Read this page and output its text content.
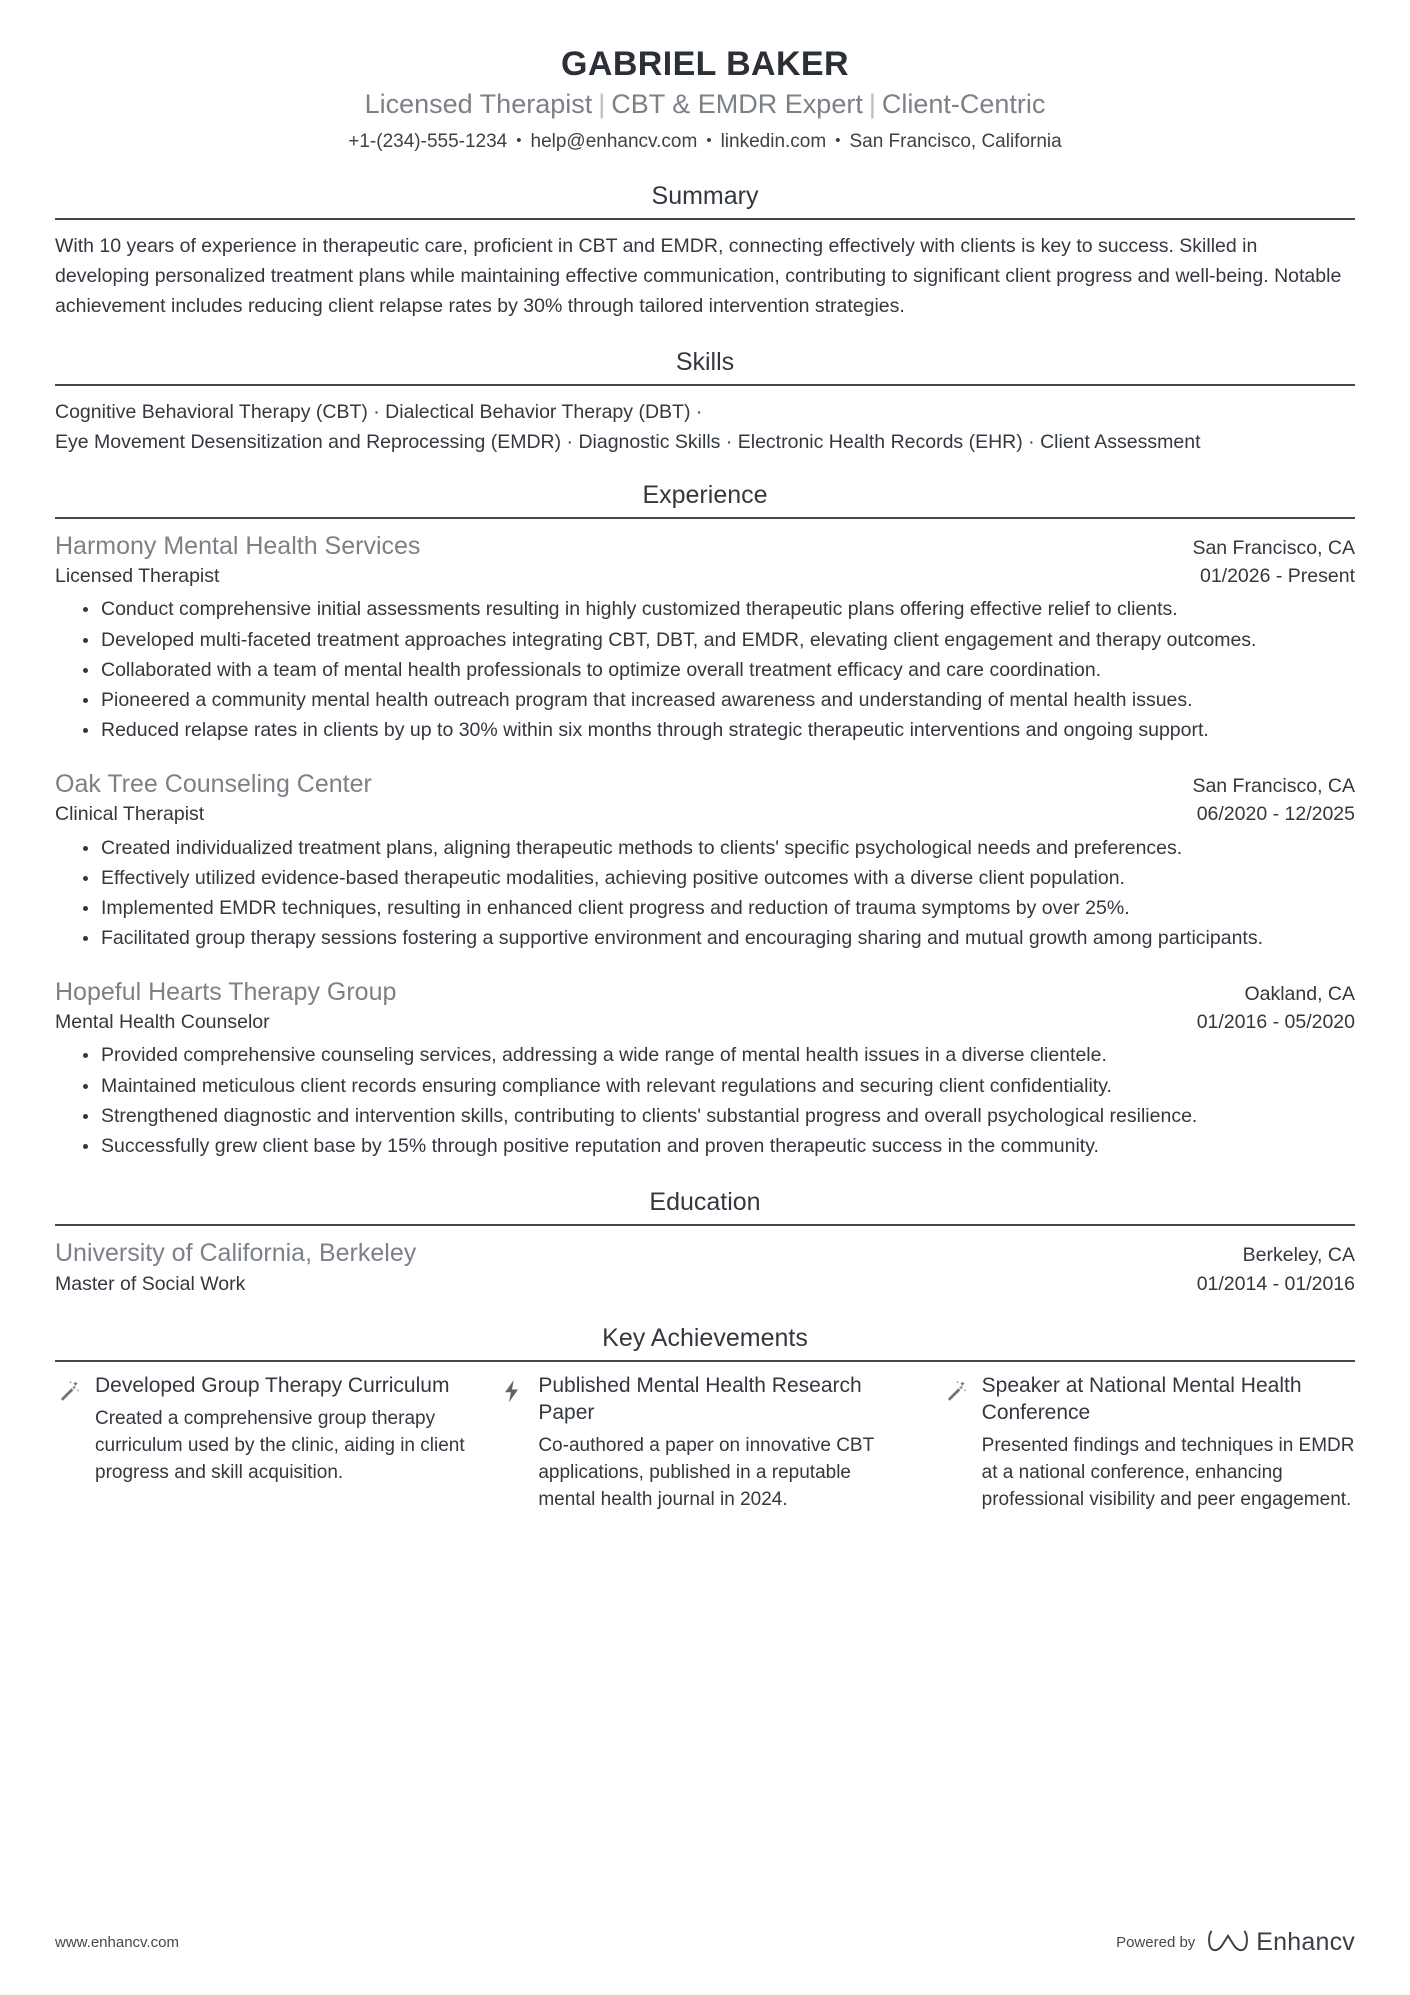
GABRIEL BAKER
Licensed Therapist | CBT & EMDR Expert | Client-Centric
+1-(234)-555-1234 • help@enhancv.com • linkedin.com • San Francisco, California
Summary

With 10 years of experience in therapeutic care, proficient in CBT and EMDR, connecting effectively with clients is key to success. Skilled in developing personalized treatment plans while maintaining effective communication, contributing to significant client progress and well-being. Notable achievement includes reducing client relapse rates by 30% through tailored intervention strategies.

Skills
Cognitive Behavioral Therapy (CBT) · Dialectical Behavior Therapy (DBT) ·
Eye Movement Desensitization and Reprocessing (EMDR) · Diagnostic Skills · Electronic Health Records (EHR) · Client Assessment
Experience
Harmony Mental Health Services	San Francisco, CA
Licensed Therapist	01/2026 - Present
Conduct comprehensive initial assessments resulting in highly customized therapeutic plans offering effective relief to clients.
Developed multi-faceted treatment approaches integrating CBT, DBT, and EMDR, elevating client engagement and therapy outcomes.
Collaborated with a team of mental health professionals to optimize overall treatment efficacy and care coordination.
Pioneered a community mental health outreach program that increased awareness and understanding of mental health issues.
Reduced relapse rates in clients by up to 30% within six months through strategic therapeutic interventions and ongoing support.
Oak Tree Counseling Center	San Francisco, CA
Clinical Therapist	06/2020 - 12/2025
Created individualized treatment plans, aligning therapeutic methods to clients' specific psychological needs and preferences.
Effectively utilized evidence-based therapeutic modalities, achieving positive outcomes with a diverse client population.
Implemented EMDR techniques, resulting in enhanced client progress and reduction of trauma symptoms by over 25%.
Facilitated group therapy sessions fostering a supportive environment and encouraging sharing and mutual growth among participants.
Hopeful Hearts Therapy Group	Oakland, CA
Mental Health Counselor	01/2016 - 05/2020
Provided comprehensive counseling services, addressing a wide range of mental health issues in a diverse clientele.
Maintained meticulous client records ensuring compliance with relevant regulations and securing client confidentiality.
Strengthened diagnostic and intervention skills, contributing to clients' substantial progress and overall psychological resilience.
Successfully grew client base by 15% through positive reputation and proven therapeutic success in the community.
Education
University of California, Berkeley	Berkeley, CA
Master of Social Work	01/2014 - 01/2016
Key Achievements
Developed Group Therapy Curriculum
Created a comprehensive group therapy curriculum used by the clinic, aiding in client progress and skill acquisition.
Published Mental Health Research Paper
Co-authored a paper on innovative CBT applications, published in a reputable mental health journal in 2024.
Speaker at National Mental Health Conference
Presented findings and techniques in EMDR at a national conference, enhancing professional visibility and peer engagement.
www.enhancv.com	Powered by Enhancv
